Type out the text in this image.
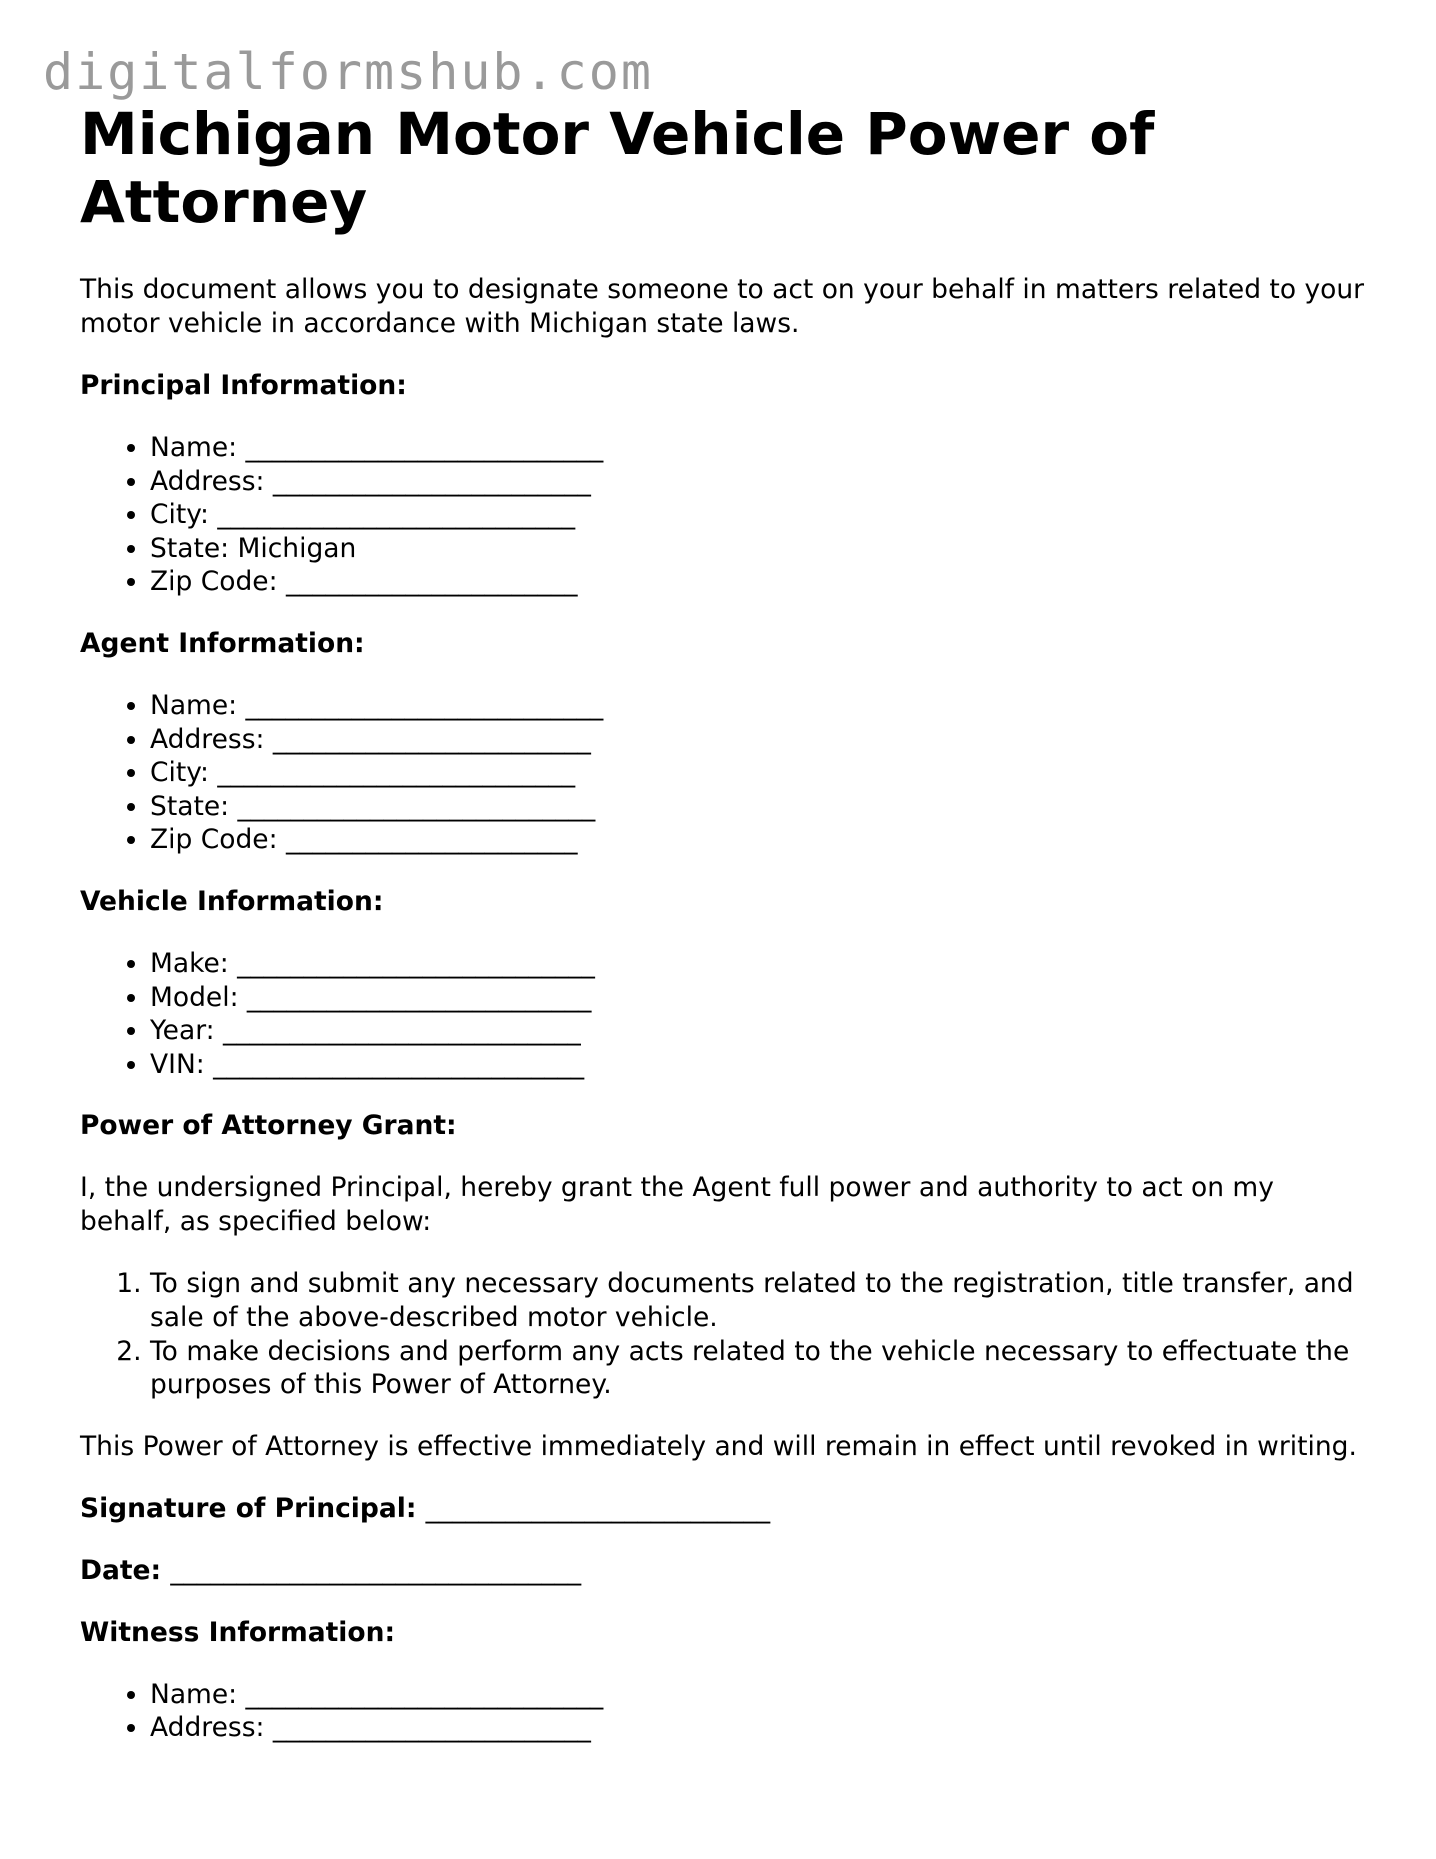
digitalformshub.com
Michigan Motor Vehicle Power of Attorney

This document allows you to designate someone to act on your behalf in matters related to your motor vehicle in accordance with Michigan state laws.

Principal Information:
• Name: ___________________________
• Address: ________________________
• City: ___________________________
• State: Michigan
• Zip Code: ______________________
Agent Information:
• Name: ___________________________
• Address: ________________________
• City: ___________________________
• State: ___________________________
• Zip Code: ______________________
Vehicle Information:
• Make: ___________________________
• Model: __________________________
• Year: ___________________________
• VIN: ____________________________
Power of Attorney Grant:

I, the undersigned Principal, hereby grant the Agent full power and authority to act on my behalf, as specified below:

1. To sign and submit any necessary documents related to the registration, title transfer, and sale of the above-described motor vehicle.
2. To make decisions and perform any acts related to the vehicle necessary to effectuate the purposes of this Power of Attorney.

This Power of Attorney is effective immediately and will remain in effect until revoked in writing.

Signature of Principal: __________________________
Date: _______________________________
Witness Information:
• Name: ___________________________
• Address: ________________________
